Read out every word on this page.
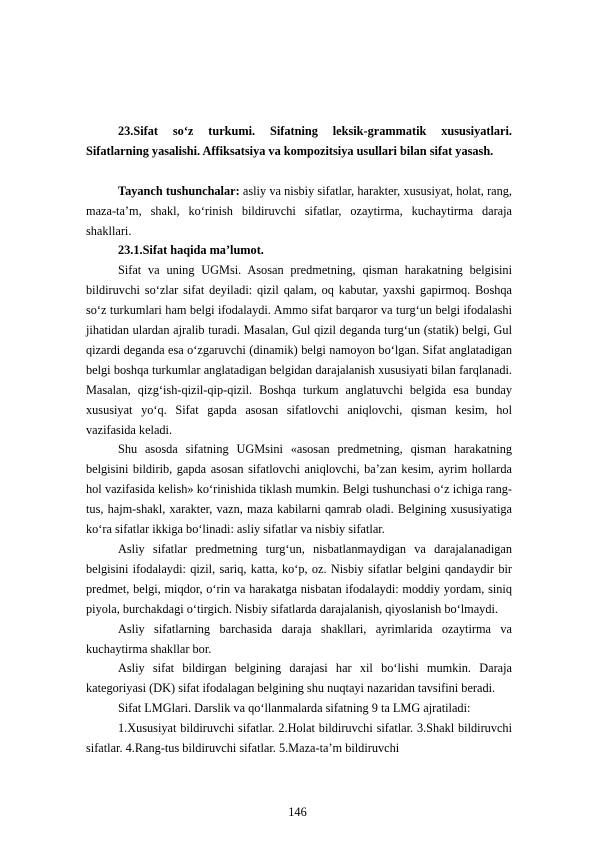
23.Sifat so‘z turkumi. Sifatning leksik-grammatik xususiyatlari. Sifatlarning yasalishi. Affiksatsiya va kompozitsiya usullari bilan sifat yasash.

Tayanch tushunchalar: asliy va nisbiy sifatlar, harakter, xususiyat, holat, rang, maza-ta’m, shakl, ko‘rinish bildiruvchi sifatlar, ozaytirma, kuchaytirma daraja shakllari.

23.1.Sifat haqida ma’lumot.

Sifat va uning UGMsi. Asosan predmetning, qisman harakatning belgisini bildiruvchi so‘zlar sifat deyiladi: qizil qalam, oq kabutar, yaxshi gapirmoq. Boshqa so‘z turkumlari ham belgi ifodalaydi. Ammo sifat barqaror va turg‘un belgi ifodalashi jihatidan ulardan ajralib turadi. Masalan, Gul qizil deganda turg‘un (statik) belgi, Gul qizardi deganda esa o‘zgaruvchi (dinamik) belgi namoyon bo‘lgan. Sifat anglatadigan belgi boshqa turkumlar anglatadigan belgidan darajalanish xususiyati bilan farqlanadi. Masalan, qizg‘ish-qizil-qip-qizil. Boshqa turkum anglatuvchi belgida esa bunday xususiyat yo‘q. Sifat gapda asosan sifatlovchi aniqlovchi, qisman kesim, hol vazifasida keladi.

Shu asosda sifatning UGMsini «asosan predmetning, qisman harakatning belgisini bildirib, gapda asosan sifatlovchi aniqlovchi, ba’zan kesim, ayrim hollarda hol vazifasida kelish» ko‘rinishida tiklash mumkin. Belgi tushunchasi o‘z ichiga rang-tus, hajm-shakl, xarakter, vazn, maza kabilarni qamrab oladi. Belgining xususiyatiga ko‘ra sifatlar ikkiga bo‘linadi: asliy sifatlar va nisbiy sifatlar.

Asliy sifatlar predmetning turg‘un, nisbatlanmaydigan va darajalanadigan belgisini ifodalaydi: qizil, sariq, katta, ko‘p, oz. Nisbiy sifatlar belgini qandaydir bir predmet, belgi, miqdor, o‘rin va harakatga nisbatan ifodalaydi: moddiy yordam, siniq piyola, burchakdagi o‘tirgich. Nisbiy sifatlarda darajalanish, qiyoslanish bo‘lmaydi.

Asliy sifatlarning barchasida daraja shakllari, ayrimlarida ozaytirma va kuchaytirma shakllar bor.

Asliy sifat bildirgan belgining darajasi har xil bo‘lishi mumkin. Daraja kategoriyasi (DK) sifat ifodalagan belgining shu nuqtayi nazaridan tavsifini beradi.

Sifat LMGlari. Darslik va qo‘llanmalarda sifatning 9 ta LMG ajratiladi:

1.Xususiyat bildiruvchi sifatlar. 2.Holat bildiruvchi sifatlar. 3.Shakl bildiruvchi sifatlar. 4.Rang-tus bildiruvchi sifatlar. 5.Maza-ta’m bildiruvchi

146
